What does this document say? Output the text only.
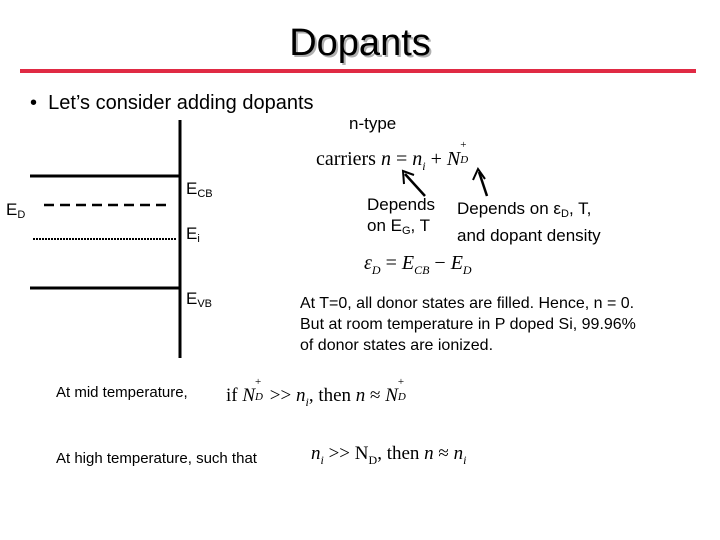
Dopants
• Let’s consider adding dopants
n-type
$E_{CB}$
$E_D$
$E_i$
$E_{VB}$
carriers $n = n_i + N$
+
D
Depends
on $E_G$, T
Depends on $\varepsilon_D$, T,
and dopant density
$\varepsilon_D = E_{CB} - E_D$
At T=0, all donor states are filled. Hence, n = 0.
But at room temperature in P doped Si, 99.96%
of donor states are ionized.
At mid temperature, if N
+
$D >> n_i$, then n ≈ N
+
D
At high temperature, such that	$n_i >> N_D$, then $n \approx n_i$
